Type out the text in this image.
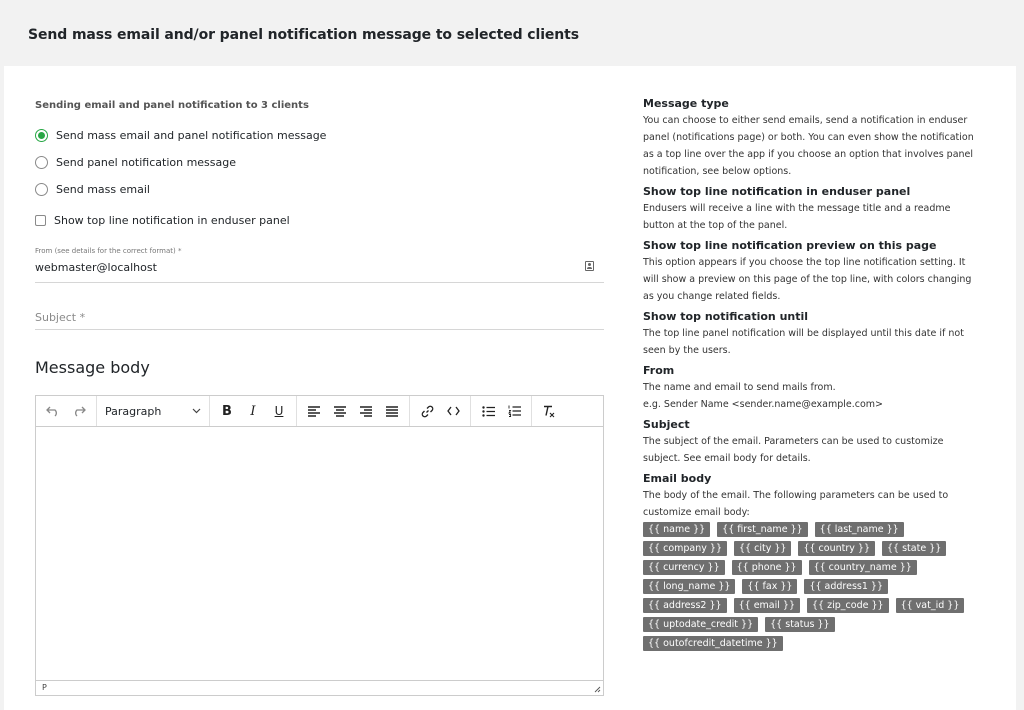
Send mass email and/or panel notification message to selected clients
Sending email and panel notification to 3 clients
Send mass email and panel notification message
Send panel notification message
Send mass email
Show top line notification in enduser panel
From (see details for the correct format) *
webmaster@localhost
Subject *
Message body
Paragraph	B	I	U
P

Message type

You can choose to either send emails, send a notification in enduser panel (notifications page) or both. You can even show the notification as a top line over the app if you choose an option that involves panel notification, see below options.

Show top line notification in enduser panel

Endusers will receive a line with the message title and a readme button at the top of the panel.

Show top line notification preview on this page

This option appears if you choose the top line notification setting. It will show a preview on this page of the top line, with colors changing as you change related fields.

Show top notification until

The top line panel notification will be displayed until this date if not seen by the users.

From

The name and email to send mails from.

e.g. Sender Name <sender.name@example.com>

Subject

The subject of the email. Parameters can be used to customize subject. See email body for details.

Email body

The body of the email. The following parameters can be used to customize email body:

{{ name }}	{{ first_name }}	{{ last_name }}
{{ company }}	{{ city }}	{{ country }}	{{ state }}
{{ currency }}	{{ phone }}	{{ country_name }}
{{ long_name }}	{{ fax }}	{{ address1 }}
{{ address2 }}	{{ email }}	{{ zip_code }}	{{ vat_id }}
{{ uptodate_credit }}	{{ status }}
{{ outofcredit_datetime }}
